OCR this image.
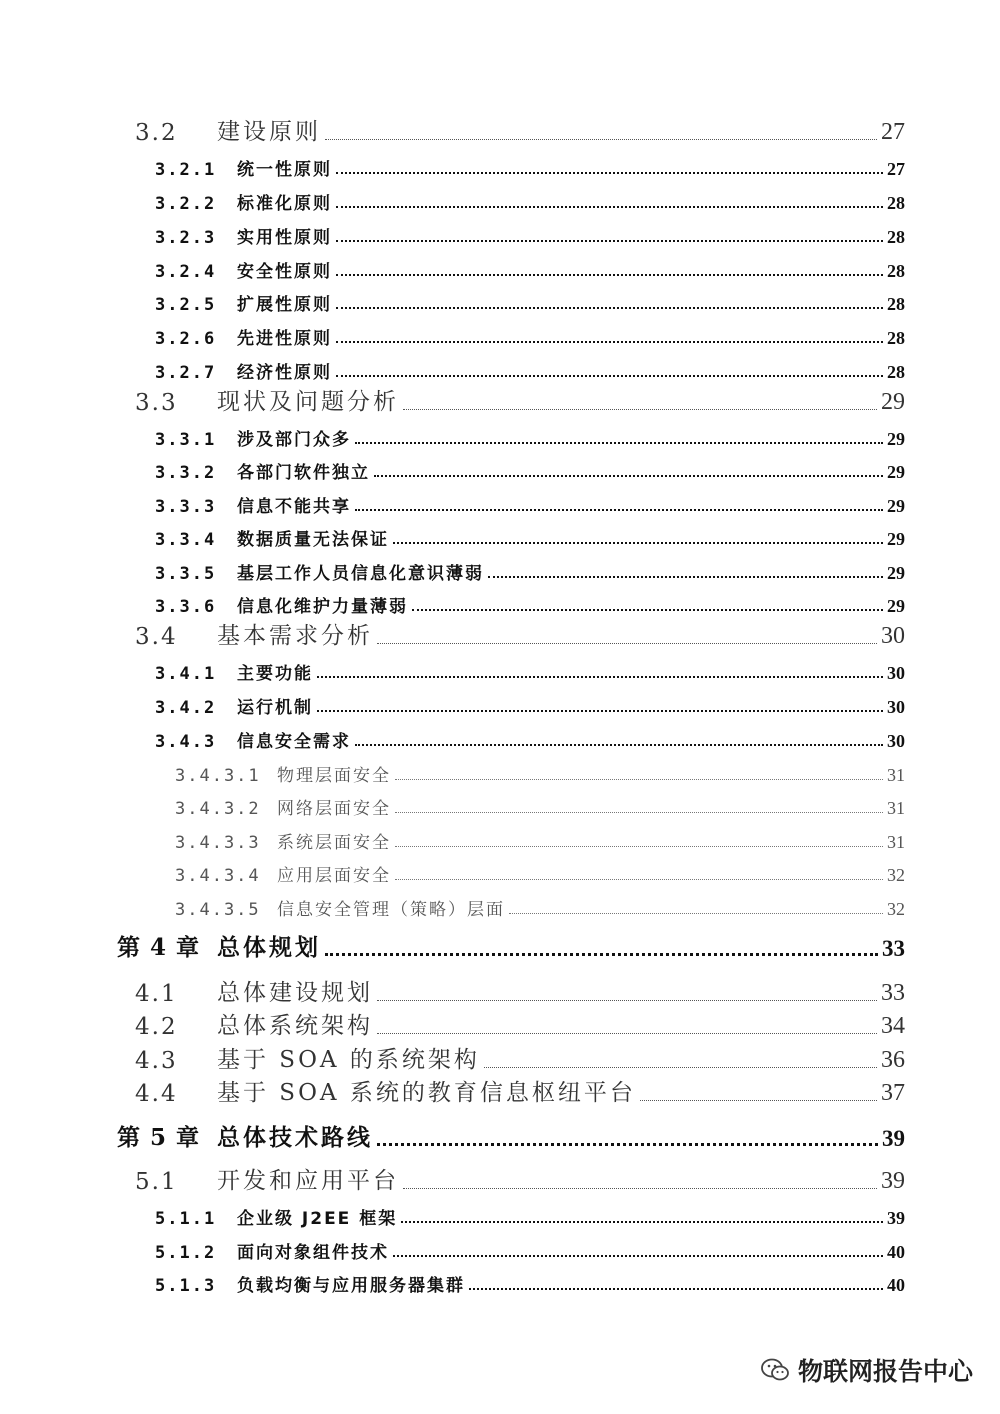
3.2	建设原则	27
3.2.1	统一性原则	27
3.2.2	标准化原则	28
3.2.3	实用性原则	28
3.2.4	安全性原则	28
3.2.5	扩展性原则	28
3.2.6	先进性原则	28
3.2.7	经济性原则	28
3.3	现状及问题分析	29
3.3.1	涉及部门众多	29
3.3.2	各部门软件独立	29
3.3.3	信息不能共享	29
3.3.4	数据质量无法保证	29
3.3.5	基层工作人员信息化意识薄弱	29
3.3.6	信息化维护力量薄弱	29
3.4	基本需求分析	30
3.4.1	主要功能	30
3.4.2	运行机制	30
3.4.3	信息安全需求	30
3.4.3.1 物理层面安全	31
3.4.3.2 网络层面安全	31
3.4.3.3 系统层面安全	31
3.4.3.4 应用层面安全	32
3.4.3.5 信息安全管理（策略）层面	32
第 4 章 总体规划	33
4.1	总体建设规划	33
4.2	总体系统架构	34
4.3	基于 SOA 的系统架构	36
4.4	基于 SOA 系统的教育信息枢纽平台	37
第 5 章 总体技术路线	39
5.1	开发和应用平台	39
5.1.1	企业级 J2EE 框架	39
5.1.2	面向对象组件技术	40
5.1.3	负载均衡与应用服务器集群	40
物联网报告中心
